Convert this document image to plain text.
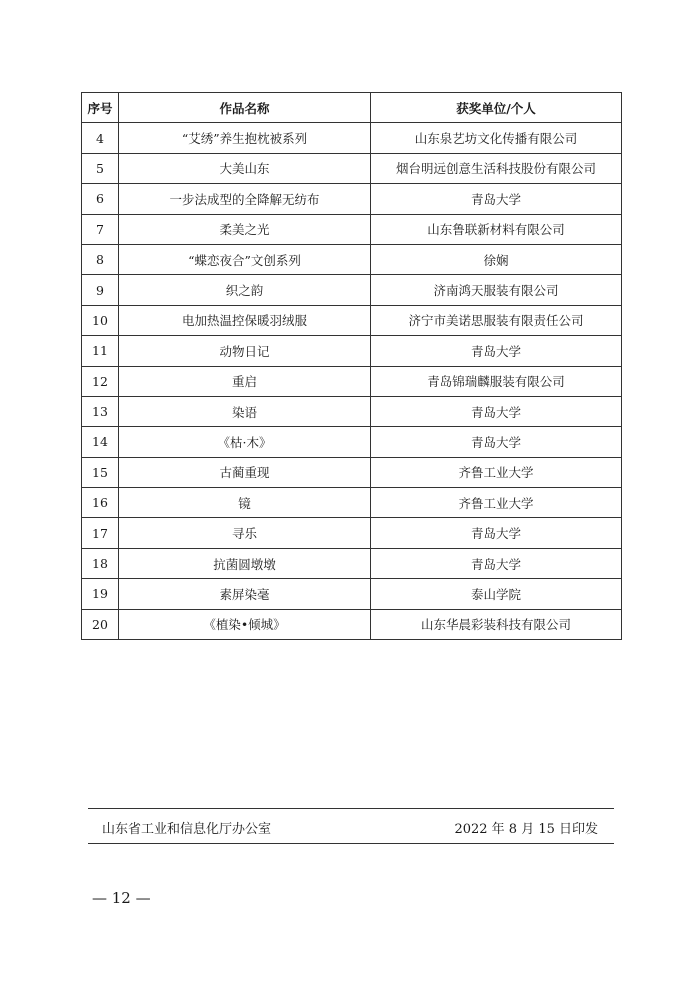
序号	作品名称	获奖单位/个人
4	“艾绣”养生抱枕被系列	山东泉艺坊文化传播有限公司
5	大美山东	烟台明远创意生活科技股份有限公司
6	一步法成型的全降解无纺布	青岛大学
7	柔美之光	山东鲁联新材料有限公司
8	“蝶恋夜合”文创系列	徐娴
9	织之韵	济南鸿天服装有限公司
10	电加热温控保暖羽绒服	济宁市美诺思服装有限责任公司
11	动物日记	青岛大学
12	重启	青岛锦瑞麟服装有限公司
13	染语	青岛大学
14	《枯·木》	青岛大学
15	古蔺重现	齐鲁工业大学
16	镜	齐鲁工业大学
17	寻乐	青岛大学
18	抗菌圆墩墩	青岛大学
19	素屏染毫	泰山学院
20	《植染•倾城》	山东华晨彩装科技有限公司
山东省工业和信息化厅办公室	2022 年 8 月 15 日印发
— 12 —
